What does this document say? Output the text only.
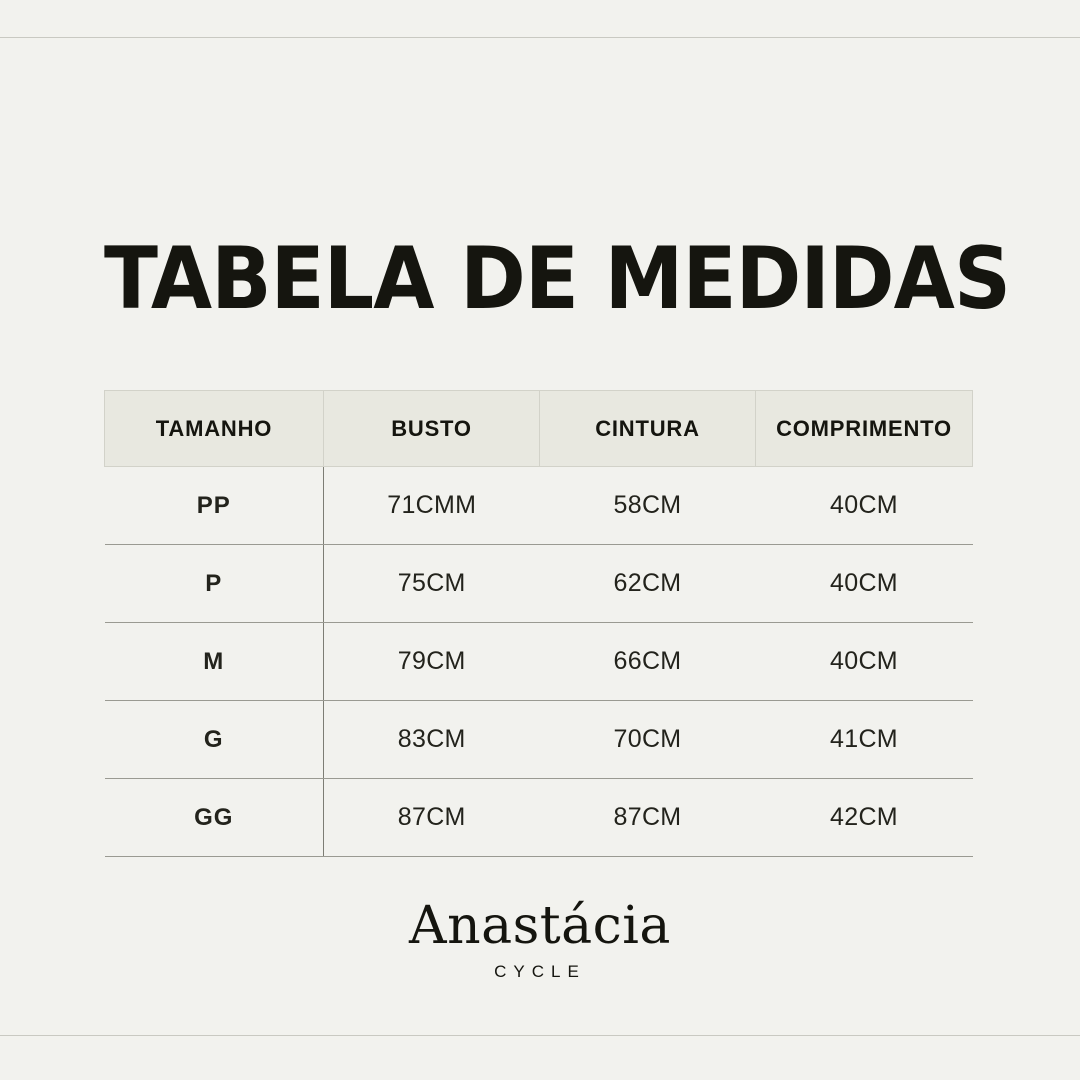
TABELA DE MEDIDAS
TAMANHO	BUSTO	CINTURA	COMPRIMENTO
PP	71CMM	58CM	40CM
P	75CM	62CM	40CM
M	79CM	66CM	40CM
G	83CM	70CM	41CM
GG	87CM	87CM	42CM
Anastácia
CYCLE
